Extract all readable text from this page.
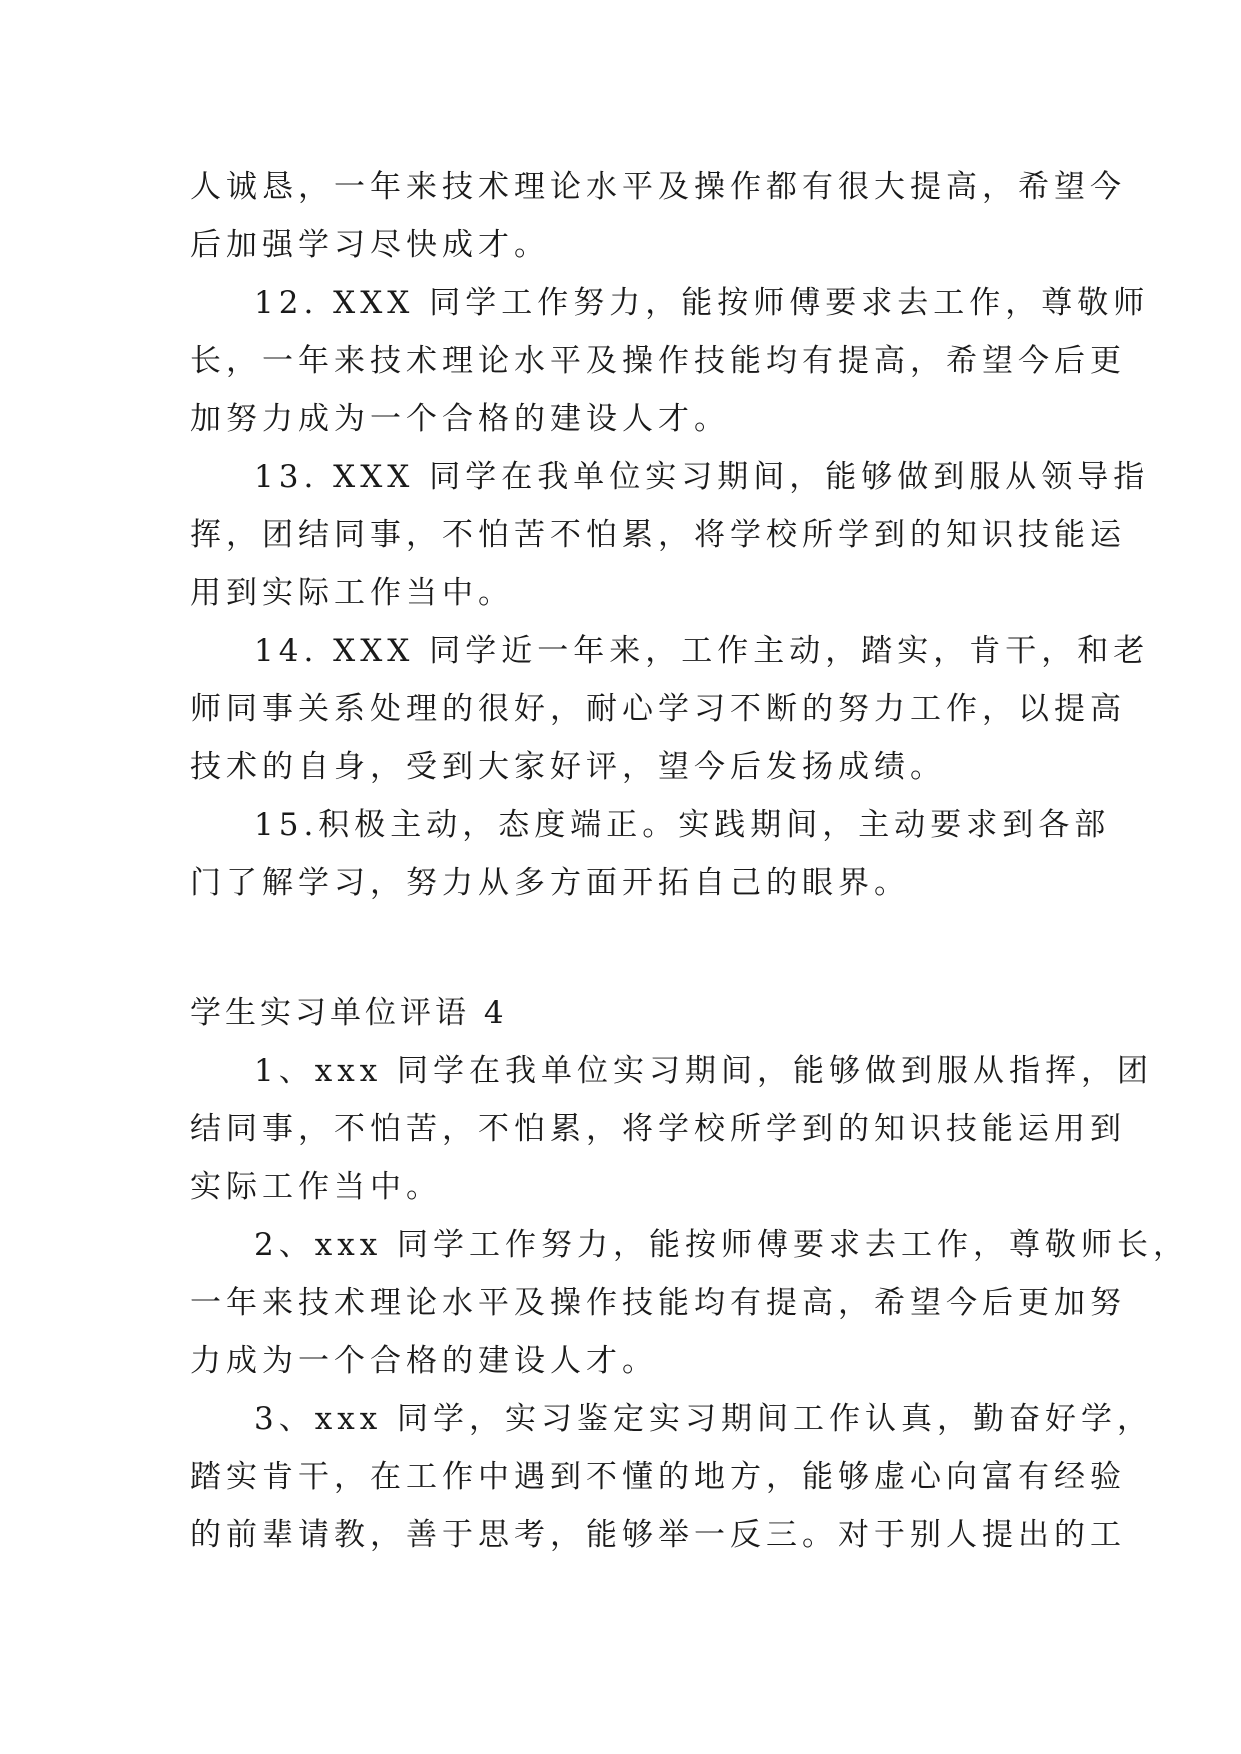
人诚恳，一年来技术理论水平及操作都有很大提高，希望今
后加强学习尽快成才。
12. XXX 同学工作努力，能按师傅要求去工作，尊敬师
长，一年来技术理论水平及操作技能均有提高，希望今后更
加努力成为一个合格的建设人才。
13. XXX 同学在我单位实习期间，能够做到服从领导指
挥，团结同事，不怕苦不怕累，将学校所学到的知识技能运
用到实际工作当中。
14. XXX 同学近一年来，工作主动，踏实，肯干，和老
师同事关系处理的很好，耐心学习不断的努力工作，以提高
技术的自身，受到大家好评，望今后发扬成绩。
15.积极主动，态度端正。实践期间，主动要求到各部
门了解学习，努力从多方面开拓自己的眼界。
学生实习单位评语 4
1、xxx 同学在我单位实习期间，能够做到服从指挥，团
结同事，不怕苦，不怕累，将学校所学到的知识技能运用到
实际工作当中。
2、xxx 同学工作努力，能按师傅要求去工作，尊敬师长，
一年来技术理论水平及操作技能均有提高，希望今后更加努
力成为一个合格的建设人才。
3、xxx 同学，实习鉴定实习期间工作认真，勤奋好学，
踏实肯干，在工作中遇到不懂的地方，能够虚心向富有经验
的前辈请教，善于思考，能够举一反三。对于别人提出的工
